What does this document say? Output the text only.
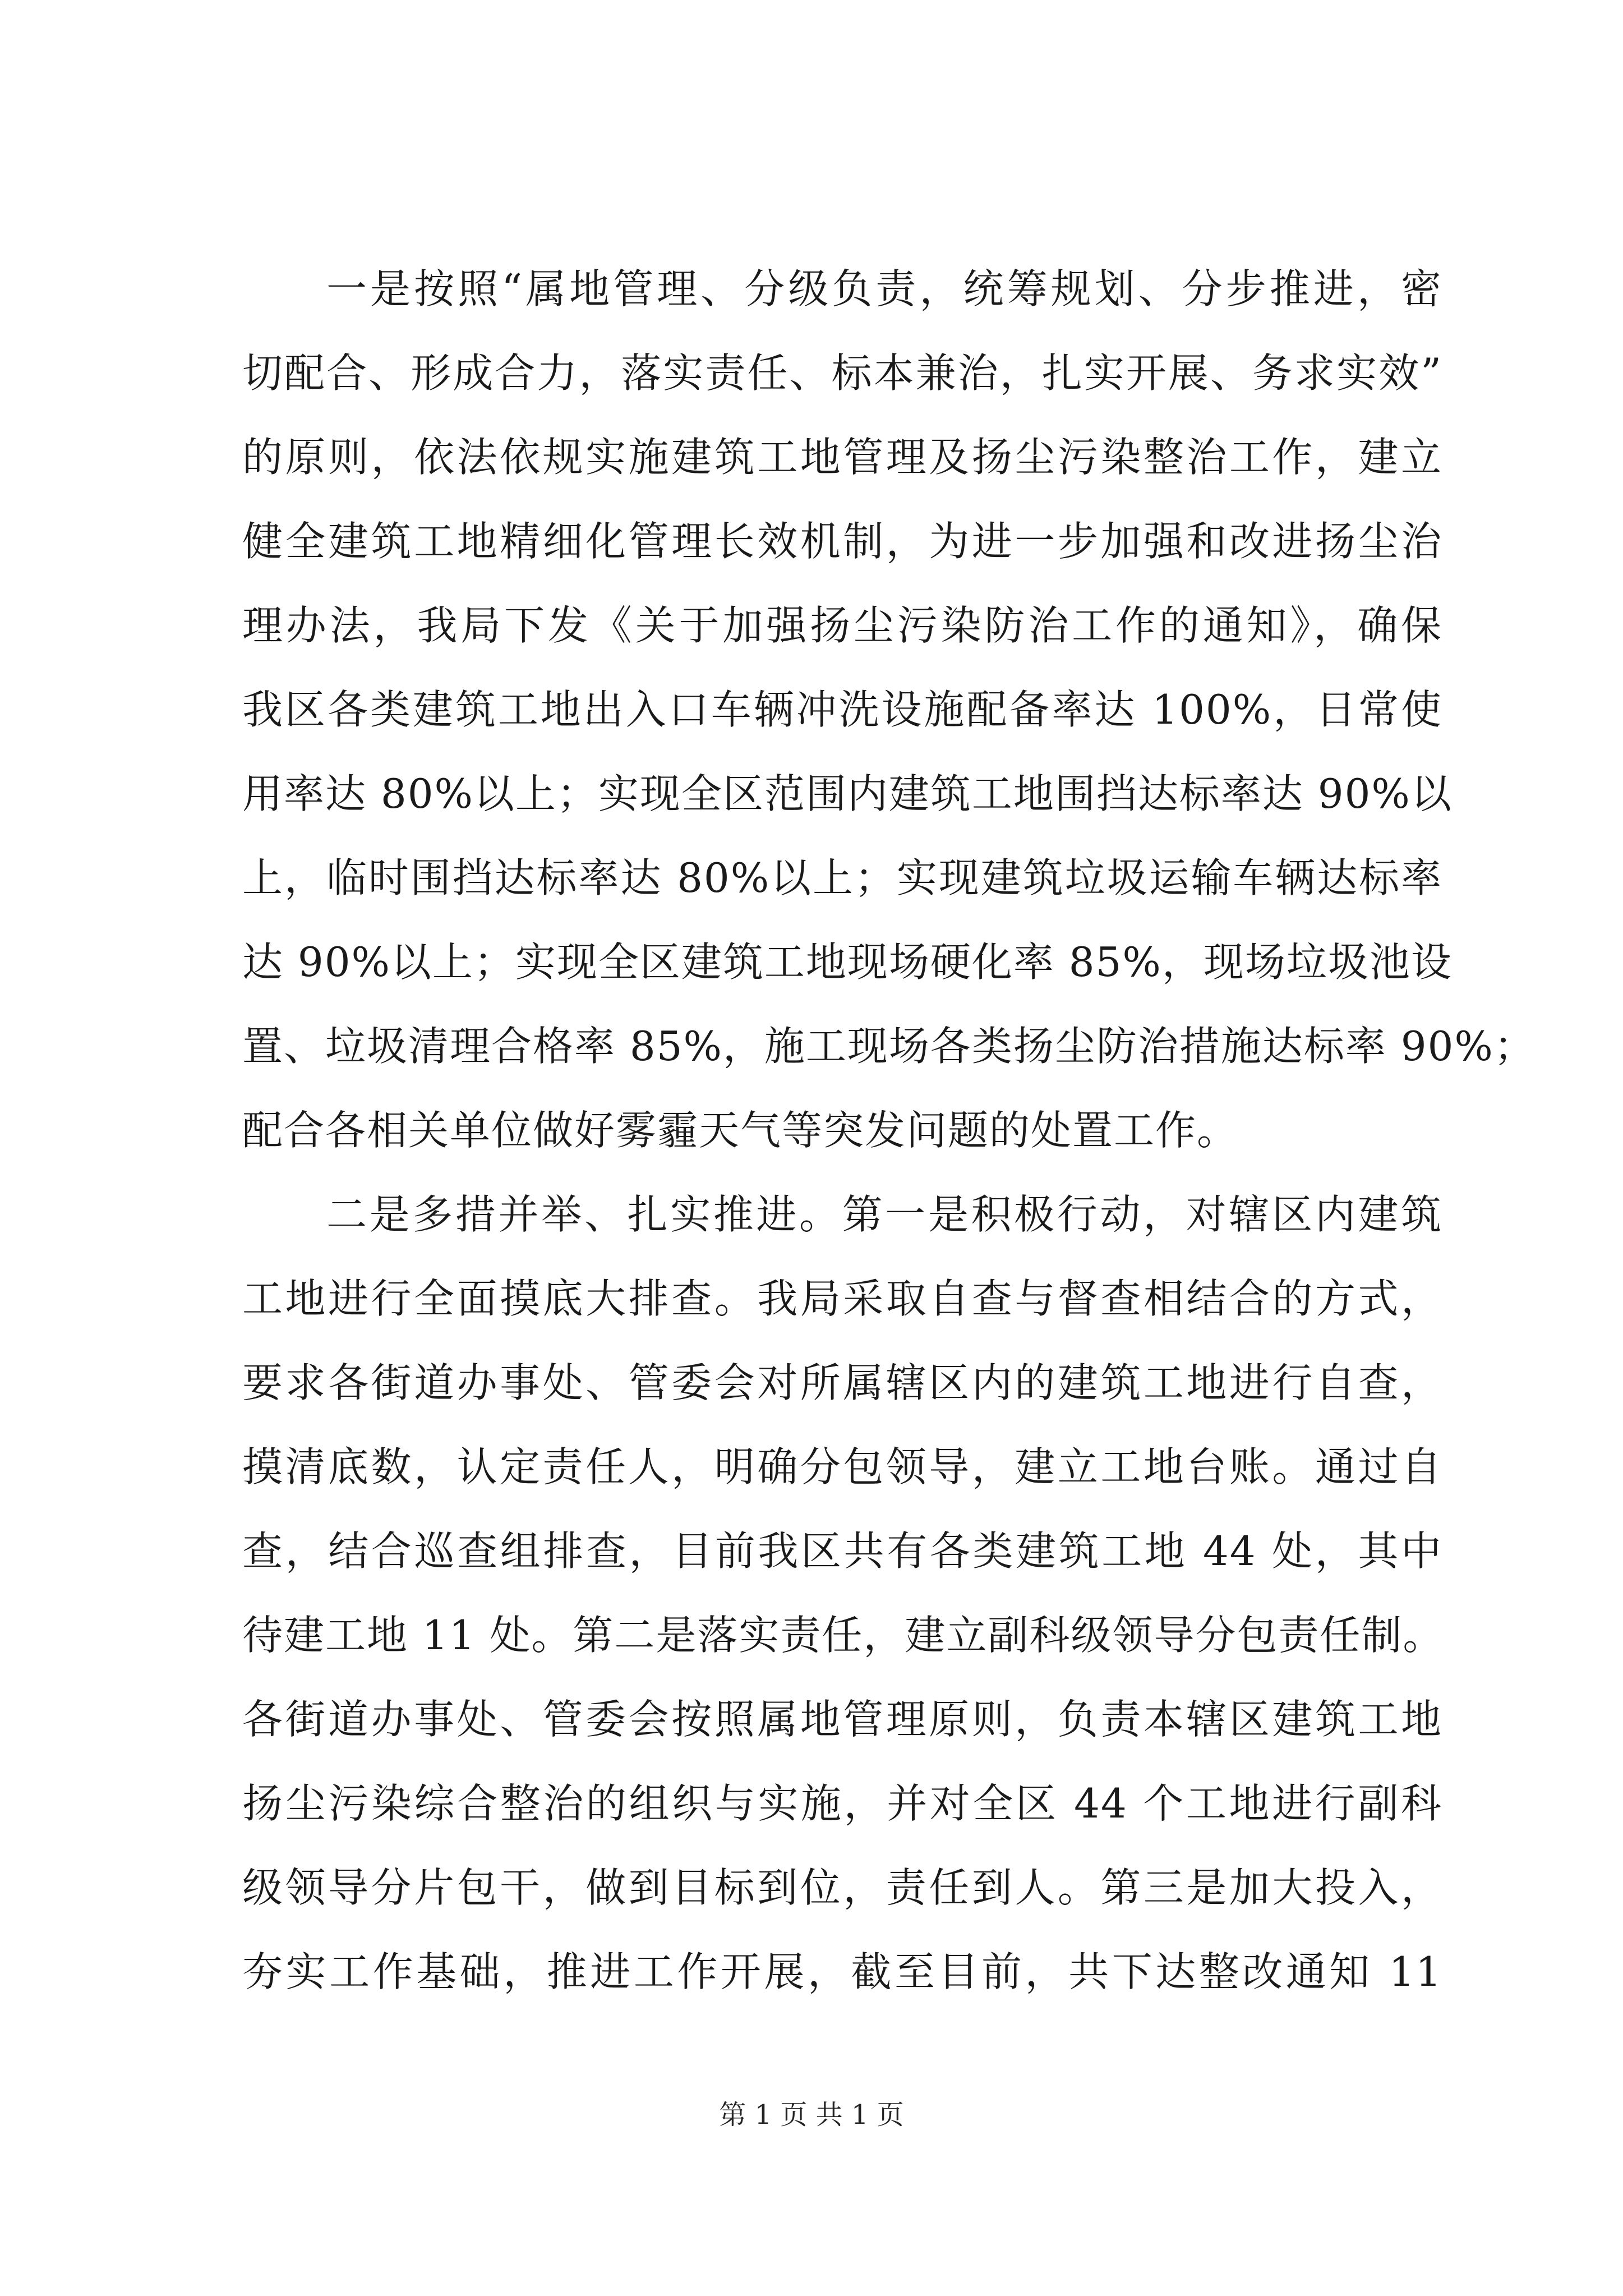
一是按照“属地管理、分级负责，统筹规划、分步推进，密
切配合、形成合力，落实责任、标本兼治，扎实开展、务求实效”
的原则，依法依规实施建筑工地管理及扬尘污染整治工作，建立
健全建筑工地精细化管理长效机制，为进一步加强和改进扬尘治
理办法，我局下发《关于加强扬尘污染防治工作的通知》，确保
我区各类建筑工地出入口车辆冲洗设施配备率达 100%，日常使
用率达 80%以上；实现全区范围内建筑工地围挡达标率达 90%以
上，临时围挡达标率达 80%以上；实现建筑垃圾运输车辆达标率
达 90%以上；实现全区建筑工地现场硬化率 85%，现场垃圾池设
置、垃圾清理合格率 85%，施工现场各类扬尘防治措施达标率 90%；
配合各相关单位做好雾霾天气等突发问题的处置工作。
二是多措并举、扎实推进。第一是积极行动，对辖区内建筑
工地进行全面摸底大排查。我局采取自查与督查相结合的方式，
要求各街道办事处、管委会对所属辖区内的建筑工地进行自查，
摸清底数，认定责任人，明确分包领导，建立工地台账。通过自
查，结合巡查组排查，目前我区共有各类建筑工地 44 处，其中
待建工地 11 处。第二是落实责任，建立副科级领导分包责任制。
各街道办事处、管委会按照属地管理原则，负责本辖区建筑工地
扬尘污染综合整治的组织与实施，并对全区 44 个工地进行副科
级领导分片包干，做到目标到位，责任到人。第三是加大投入，
夯实工作基础，推进工作开展，截至目前，共下达整改通知 11
第 1 页 共 1 页
